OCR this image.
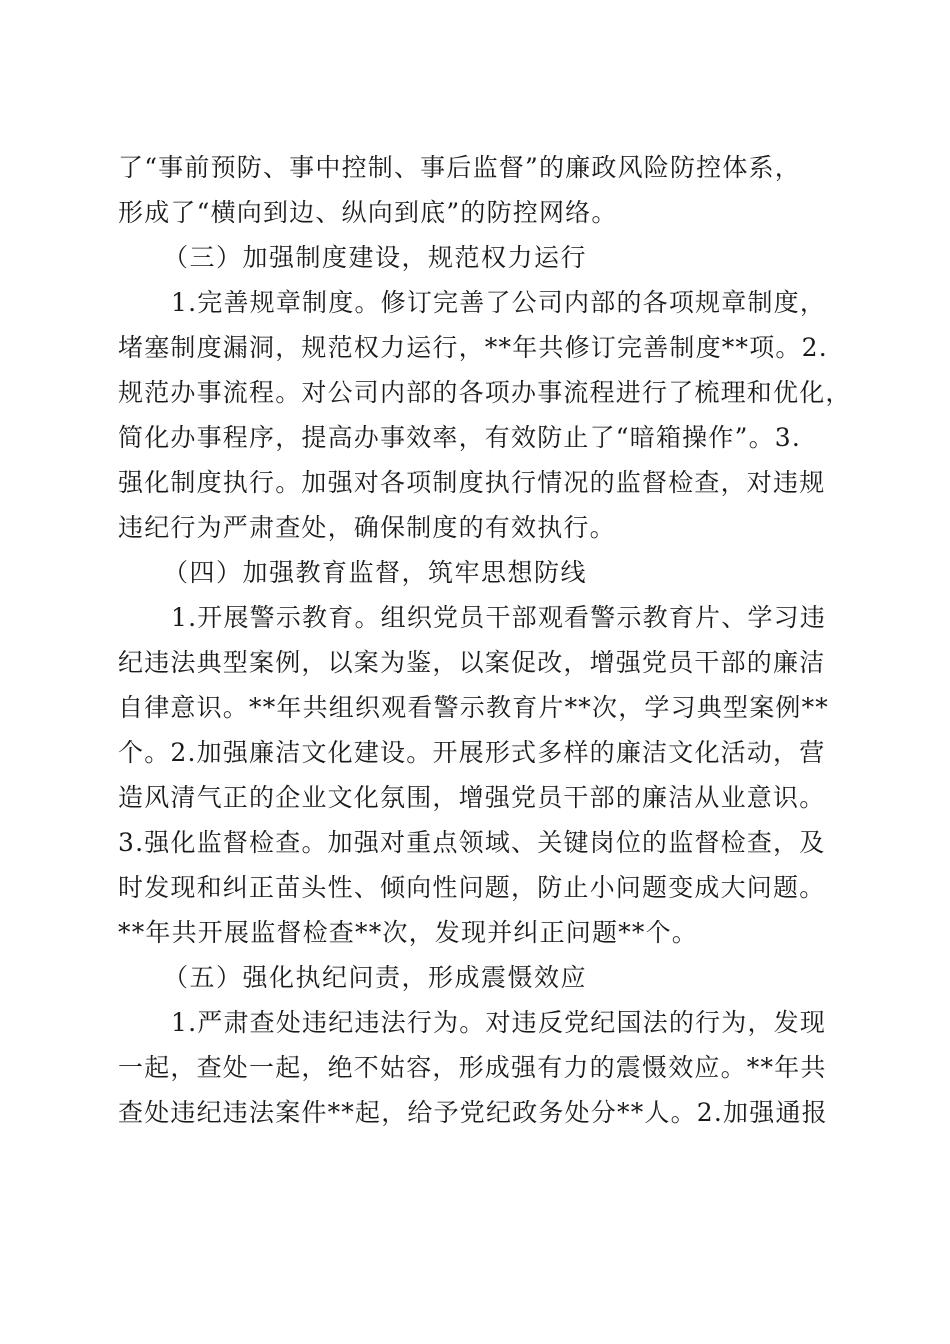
了“事前预防、事中控制、事后监督”的廉政风险防控体系，
形成了“横向到边、纵向到底”的防控网络。
（三）加强制度建设，规范权力运行
1.完善规章制度。修订完善了公司内部的各项规章制度，
堵塞制度漏洞，规范权力运行，**年共修订完善制度**项。2.
规范办事流程。对公司内部的各项办事流程进行了梳理和优化，
简化办事程序，提高办事效率，有效防止了“暗箱操作”。3.
强化制度执行。加强对各项制度执行情况的监督检查，对违规
违纪行为严肃查处，确保制度的有效执行。
（四）加强教育监督，筑牢思想防线
1.开展警示教育。组织党员干部观看警示教育片、学习违
纪违法典型案例，以案为鉴，以案促改，增强党员干部的廉洁
自律意识。**年共组织观看警示教育片**次，学习典型案例**
个。2.加强廉洁文化建设。开展形式多样的廉洁文化活动，营
造风清气正的企业文化氛围，增强党员干部的廉洁从业意识。
3.强化监督检查。加强对重点领域、关键岗位的监督检查，及
时发现和纠正苗头性、倾向性问题，防止小问题变成大问题。
**年共开展监督检查**次，发现并纠正问题**个。
（五）强化执纪问责，形成震慑效应
1.严肃查处违纪违法行为。对违反党纪国法的行为，发现
一起，查处一起，绝不姑容，形成强有力的震慑效应。**年共
查处违纪违法案件**起，给予党纪政务处分**人。2.加强通报
